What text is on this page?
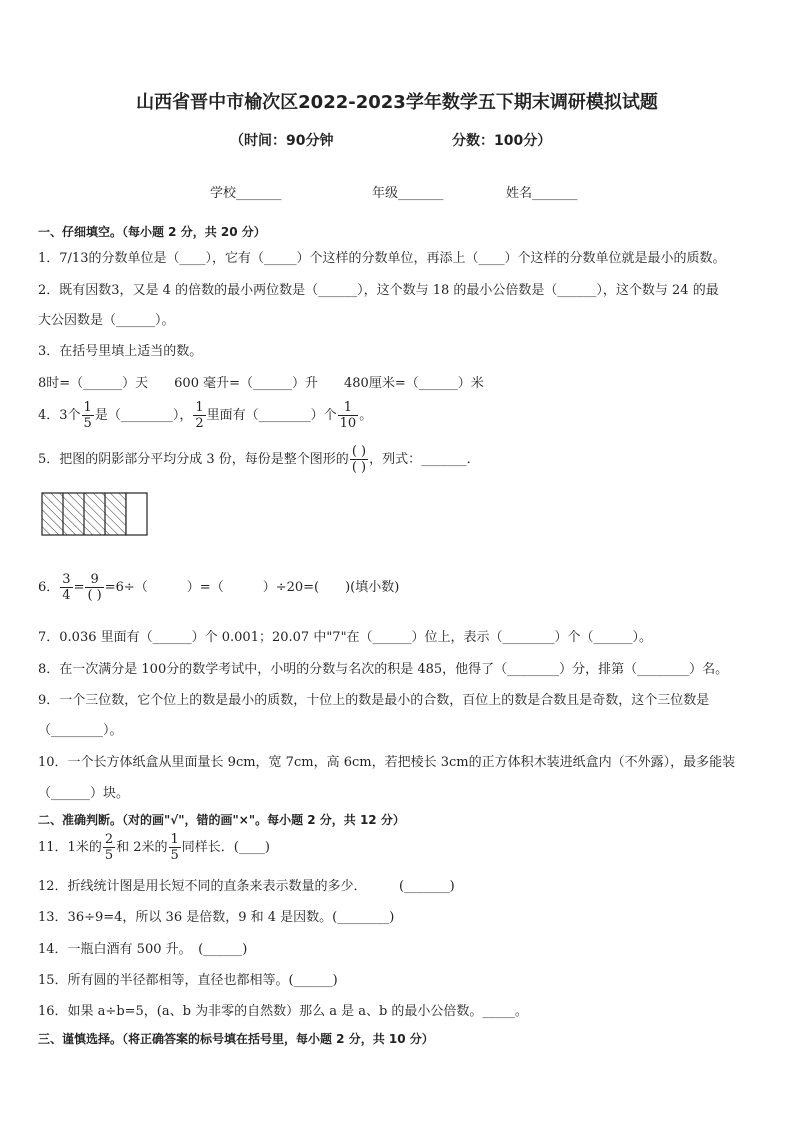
山西省晋中市榆次区2022-2023学年数学五下期末调研模拟试题
（时间：90分钟	分数：100分）
学校_______	年级_______	姓名_______
一、仔细填空。（每小题 2 分，共 20 分）
1．7/13的分数单位是（____），它有（_____）个这样的分数单位，再添上（____）个这样的分数单位就是最小的质数。
2．既有因数3，又是 4 的倍数的最小两位数是（______），这个数与 18 的最小公倍数是（______），这个数与 24 的最
大公因数是（______）。
3．在括号里填上适当的数。
8时=（______）天　　600 毫升=（______）升　　480厘米=（______）米
4．3个 $\frac{1}{5}$ 是（________）， $\frac{1}{2}$ 里面有（________）个 $\frac{1}{10}$ 。
5．把图的阴影部分平均分成 3 份，每份是整个图形的 $\frac{( )}{( )}$ ，列式：_______．
6． $\frac{3}{4} = \frac{9}{( )} =6\div$（　　　）=（　　　）÷20=(　　)(填小数)
7．0.036 里面有（______）个 0.001；20.07 中"7"在（______）位上，表示（________）个（______）。
8．在一次满分是 100分的数学考试中，小明的分数与名次的积是 485，他得了（________）分，排第（________）名。
9．一个三位数，它个位上的数是最小的质数，十位上的数是最小的合数，百位上的数是合数且是奇数，这个三位数是
（________）。
10．一个长方体纸盒从里面量长 9cm，宽 7cm，高 6cm，若把棱长 3cm的正方体积木装进纸盒内（不外露），最多能装
（______）块。
二、准确判断。（对的画"√"，错的画"×"。每小题 2 分，共 12 分）
11．1米的 $\frac{2}{5}$ 和 2米的 $\frac{1}{5}$ 同样长．(____)
12．折线统计图是用长短不同的直条来表示数量的多少．　　　(_______)
13．36÷9=4，所以 36 是倍数，9 和 4 是因数。(________)
14．一瓶白酒有 500 升。　(______)
15．所有圆的半径都相等，直径也都相等。(______)
16．如果 a÷b=5，(a、b 为非零的自然数）那么 a 是 a、b 的最小公倍数。_____。
三、谨慎选择。（将正确答案的标号填在括号里，每小题 2 分，共 10 分）
